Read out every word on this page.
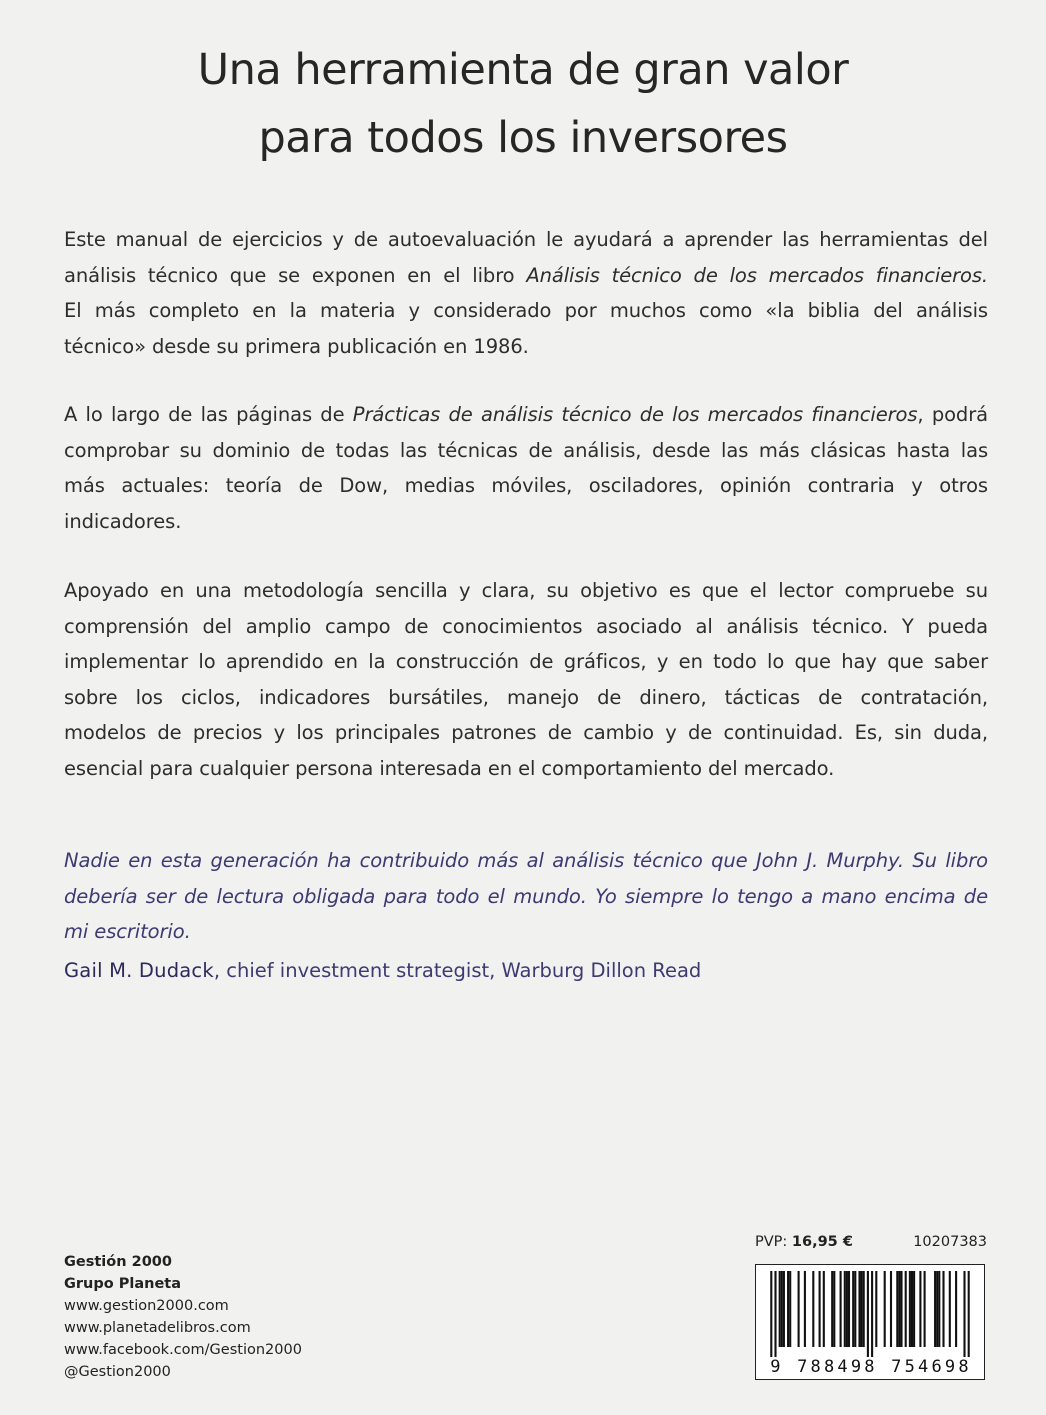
Una herramienta de gran valor
para todos los inversores
Este manual de ejercicios y de autoevaluación le ayudará a aprender las herramientas del
análisis técnico que se exponen en el libro Análisis técnico de los mercados financieros.
El más completo en la materia y considerado por muchos como «la biblia del análisis
técnico» desde su primera publicación en 1986.
A lo largo de las páginas de Prácticas de análisis técnico de los mercados financieros, podrá
comprobar su dominio de todas las técnicas de análisis, desde las más clásicas hasta las
más actuales: teoría de Dow, medias móviles, osciladores, opinión contraria y otros
indicadores.
Apoyado en una metodología sencilla y clara, su objetivo es que el lector compruebe su
comprensión del amplio campo de conocimientos asociado al análisis técnico. Y pueda
implementar lo aprendido en la construcción de gráficos, y en todo lo que hay que saber
sobre los ciclos, indicadores bursátiles, manejo de dinero, tácticas de contratación,
modelos de precios y los principales patrones de cambio y de continuidad. Es, sin duda,
esencial para cualquier persona interesada en el comportamiento del mercado.
Nadie en esta generación ha contribuido más al análisis técnico que John J. Murphy. Su libro
debería ser de lectura obligada para todo el mundo. Yo siempre lo tengo a mano encima de
mi escritorio.
Gail M. Dudack, chief investment strategist, Warburg Dillon Read
Gestión 2000
Grupo Planeta
www.gestion2000.com
www.planetadelibros.com
www.facebook.com/Gestion2000
@Gestion2000
PVP: 16,95 €	10207383
9 788498 754698
